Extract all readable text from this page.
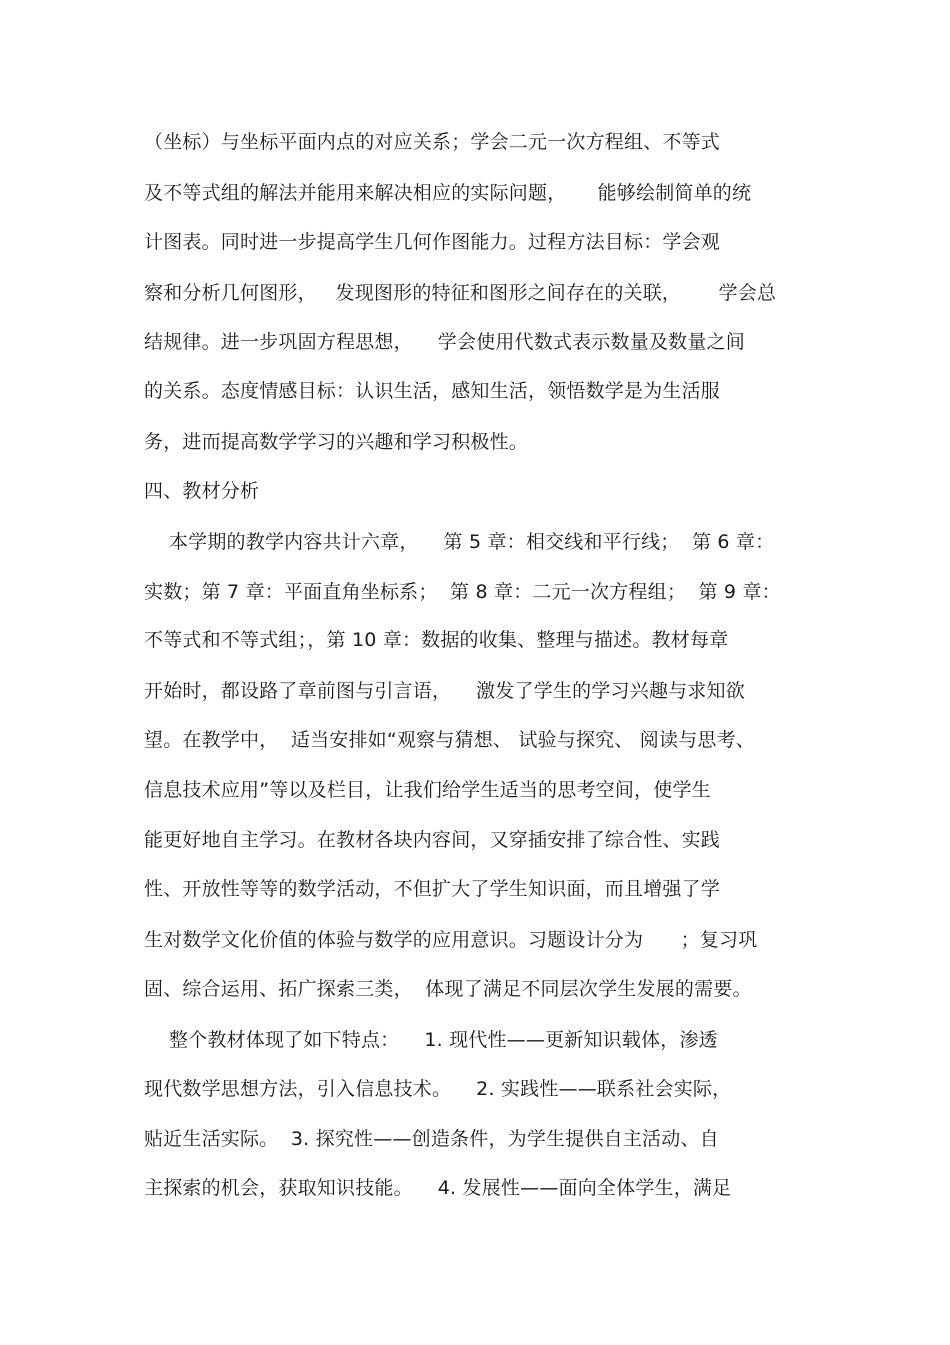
（坐标）与坐标平面内点的对应关系；学会二元一次方程组、不等式
及不等式组的解法并能用来解决相应的实际问题，     能够绘制简单的统
计图表。同时进一步提高学生几何作图能力。过程方法目标：学会观
察和分析几何图形，   发现图形的特征和图形之间存在的关联，      学会总
结规律。进一步巩固方程思想，    学会使用代数式表示数量及数量之间
的关系。态度情感目标：认识生活，感知生活，领悟数学是为生活服
务，进而提高数学学习的兴趣和学习积极性。
四、教材分析
本学期的教学内容共计六章，    第 5 章：相交线和平行线；  第 6 章：
实数；第 7 章：平面直角坐标系；  第 8 章：二元一次方程组；  第 9 章：
不等式和不等式组；，第 10 章：数据的收集、整理与描述。教材每章
开始时，都设路了章前图与引言语，    激发了学生的学习兴趣与求知欲
望。在教学中，  适当安排如“观察与猜想、 试验与探究、 阅读与思考、
信息技术应用”等以及栏目，让我们给学生适当的思考空间，使学生
能更好地自主学习。在教材各块内容间，又穿插安排了综合性、实践
性、开放性等等的数学活动，不但扩大了学生知识面，而且增强了学
生对数学文化价值的体验与数学的应用意识。习题设计分为      ；复习巩
固、综合运用、拓广探索三类，  体现了满足不同层次学生发展的需要。
整个教材体现了如下特点：    1. 现代性——更新知识载体，渗透
现代数学思想方法，引入信息技术。    2. 实践性——联系社会实际，
贴近生活实际。  3. 探究性——创造条件，为学生提供自主活动、自
主探索的机会，获取知识技能。    4. 发展性——面向全体学生，满足
